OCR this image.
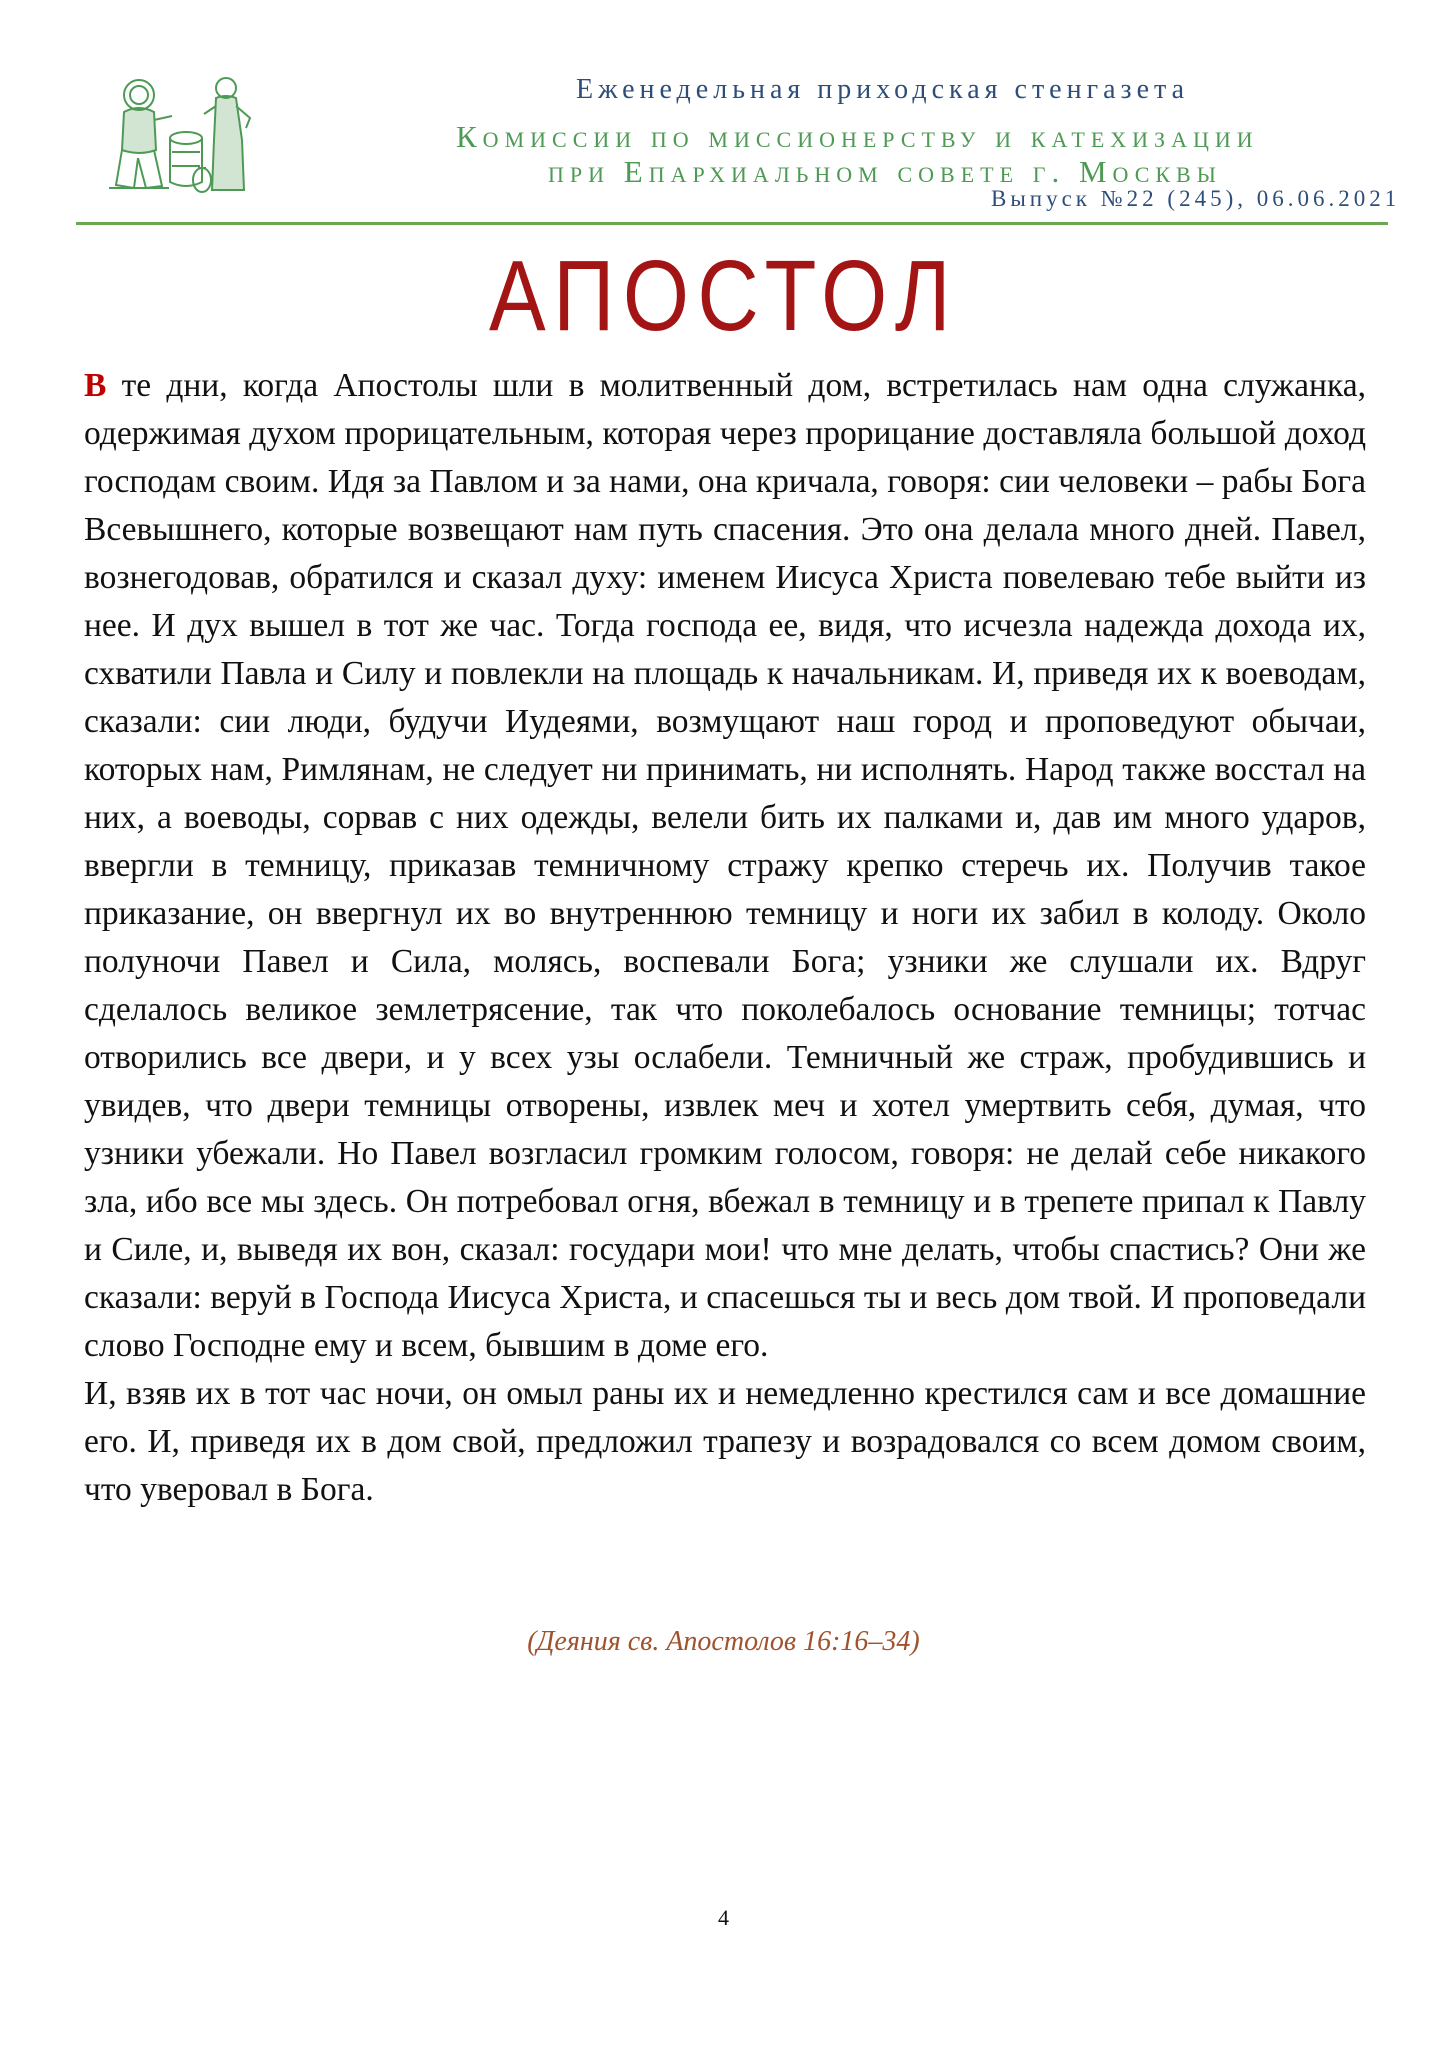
Еженедельная приходская стенгазета
Комиссии по миссионерству и катехизации
при Епархиальном совете г. Москвы
Выпуск №22 (245), 06.06.2021
АПОСТОЛ

В те дни, когда Апостолы шли в молитвенный дом, встретилась нам одна служанка, одержимая духом прорицательным, которая через прорицание доставляла большой доход господам своим. Идя за Павлом и за нами, она кричала, говоря: сии человеки – рабы Бога Всевышнего, которые возвещают нам путь спасения. Это она делала много дней. Павел, вознегодовав, обратился и сказал духу: именем Иисуса Христа повелеваю тебе выйти из нее. И дух вышел в тот же час. Тогда господа ее, видя, что исчезла надежда дохода их, схватили Павла и Силу и повлекли на площадь к начальникам. И, приведя их к воеводам, сказали: сии люди, будучи Иудеями, возмущают наш город и проповедуют обычаи, которых нам, Римлянам, не следует ни принимать, ни исполнять. Народ также восстал на них, а воеводы, сорвав с них одежды, велели бить их палками и, дав им много ударов, ввергли в темницу, приказав темничному стражу крепко стеречь их. Получив такое приказание, он ввергнул их во внутреннюю темницу и ноги их забил в колоду. Около полуночи Павел и Сила, молясь, воспевали Бога; узники же слушали их. Вдруг сделалось великое землетрясение, так что поколебалось основание темницы; тотчас отворились все двери, и у всех узы ослабели. Темничный же страж, пробудившись и увидев, что двери темницы отворены, извлек меч и хотел умертвить себя, думая, что узники убежали. Но Павел возгласил громким голосом, говоря: не делай себе никакого зла, ибо все мы здесь. Он потребовал огня, вбежал в темницу и в трепете припал к Павлу и Силе, и, выведя их вон, сказал: государи мои! что мне делать, чтобы спастись? Они же сказали: веруй в Господа Иисуса Христа, и спасешься ты и весь дом твой. И проповедали слово Господне ему и всем, бывшим в доме его.

И, взяв их в тот час ночи, он омыл раны их и немедленно крестился сам и все домашние его. И, приведя их в дом свой, предложил трапезу и возрадовался со всем домом своим, что уверовал в Бога.

(Деяния св. Апостолов 16:16–34)
4
